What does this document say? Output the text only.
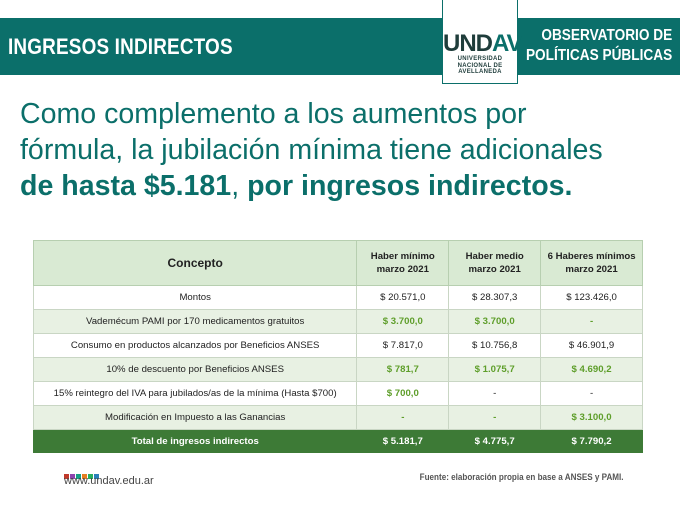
INGRESOS INDIRECTOS	OBSERVATORIO DE
POLÍTICAS PÚBLICAS
UNDAV
UNIVERSIDAD
NACIONAL DE
AVELLANEDA
Como complemento a los aumentos por
fórmula, la jubilación mínima tiene adicionales
de hasta $5.181, por ingresos indirectos.
Concepto	Haber mínimo marzo 2021	Haber medio marzo 2021	6 Haberes mínimos marzo 2021
Montos	$ 20.571,0	$ 28.307,3	$ 123.426,0
Vademécum PAMI por 170 medicamentos gratuitos	$ 3.700,0	$ 3.700,0	-
Consumo en productos alcanzados por Beneficios ANSES	$ 7.817,0	$ 10.756,8	$ 46.901,9
10% de descuento por Beneficios ANSES	$ 781,7	$ 1.075,7	$ 4.690,2
15% reintegro del IVA para jubilados/as de la mínima (Hasta $700)	$ 700,0	-	-
Modificación en Impuesto a las Ganancias	-	-	$ 3.100,0
Total de ingresos indirectos	$ 5.181,7	$ 4.775,7	$ 7.790,2
www.undav.edu.ar	Fuente: elaboración propia en base a ANSES y PAMI.
